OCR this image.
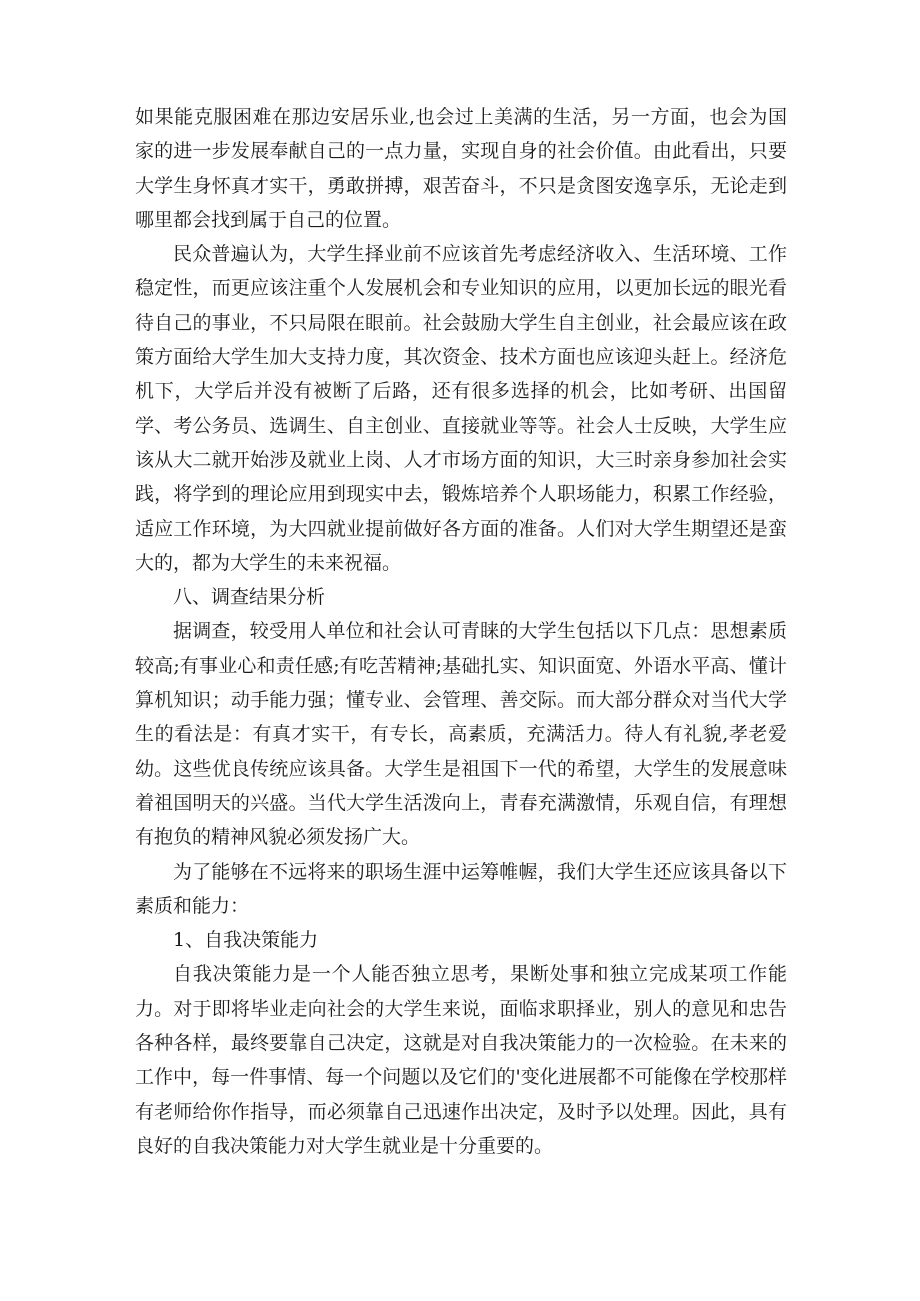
如果能克服困难在那边安居乐业,也会过上美满的生活，另一方面，也会为国家的进一步发展奉献自己的一点力量，实现自身的社会价值。由此看出，只要大学生身怀真才实干，勇敢拼搏，艰苦奋斗，不只是贪图安逸享乐，无论走到哪里都会找到属于自己的位置。

民众普遍认为，大学生择业前不应该首先考虑经济收入、生活环境、工作稳定性，而更应该注重个人发展机会和专业知识的应用，以更加长远的眼光看待自己的事业，不只局限在眼前。社会鼓励大学生自主创业，社会最应该在政策方面给大学生加大支持力度，其次资金、技术方面也应该迎头赶上。经济危机下，大学后并没有被断了后路，还有很多选择的机会，比如考研、出国留学、考公务员、选调生、自主创业、直接就业等等。社会人士反映，大学生应该从大二就开始涉及就业上岗、人才市场方面的知识，大三时亲身参加社会实践，将学到的理论应用到现实中去，锻炼培养个人职场能力，积累工作经验，适应工作环境，为大四就业提前做好各方面的准备。人们对大学生期望还是蛮大的，都为大学生的未来祝福。

八、调查结果分析

据调查，较受用人单位和社会认可青睐的大学生包括以下几点：思想素质较高;有事业心和责任感;有吃苦精神;基础扎实、知识面宽、外语水平高、懂计算机知识；动手能力强；懂专业、会管理、善交际。而大部分群众对当代大学生的看法是：有真才实干，有专长，高素质，充满活力。待人有礼貌,孝老爱幼。这些优良传统应该具备。大学生是祖国下一代的希望，大学生的发展意味着祖国明天的兴盛。当代大学生活泼向上，青春充满激情，乐观自信，有理想有抱负的精神风貌必须发扬广大。

为了能够在不远将来的职场生涯中运筹帷幄，我们大学生还应该具备以下素质和能力：

1、自我决策能力

自我决策能力是一个人能否独立思考，果断处事和独立完成某项工作能力。对于即将毕业走向社会的大学生来说，面临求职择业，别人的意见和忠告各种各样，最终要靠自己决定，这就是对自我决策能力的一次检验。在未来的工作中，每一件事情、每一个问题以及它们的'变化进展都不可能像在学校那样有老师给你作指导，而必须靠自己迅速作出决定，及时予以处理。因此，具有良好的自我决策能力对大学生就业是十分重要的。
